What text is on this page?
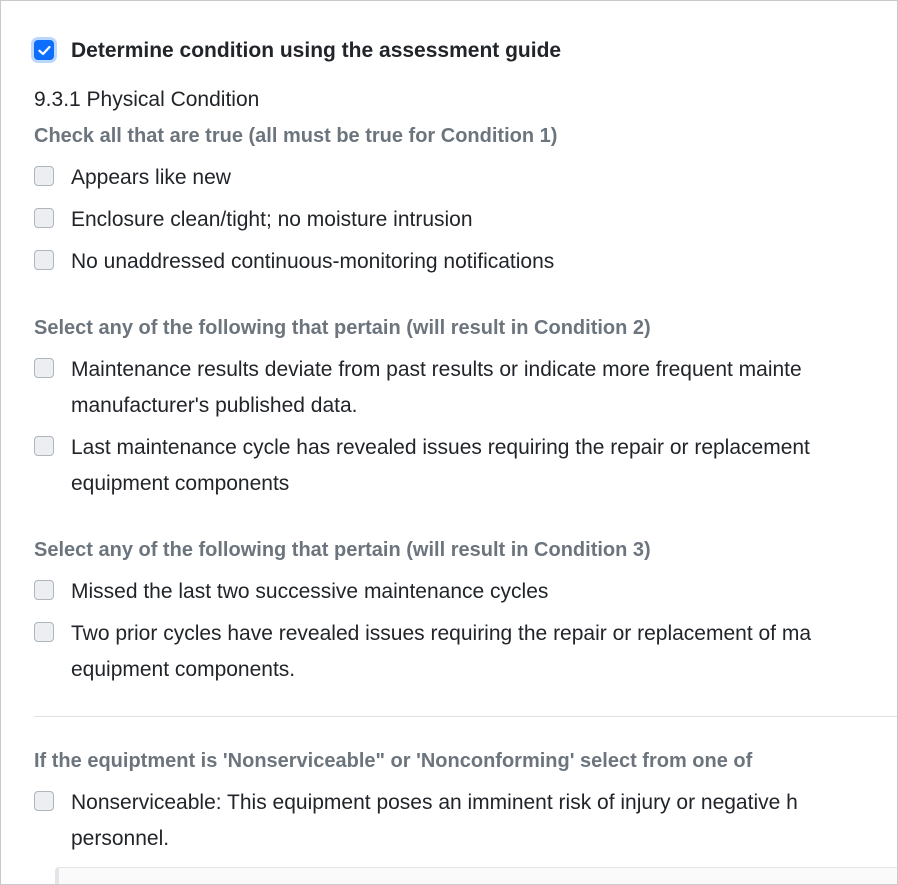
Determine condition using the assessment guide
9.3.1 Physical Condition
Check all that are true (all must be true for Condition 1)
Appears like new
Enclosure clean/tight; no moisture intrusion
No unaddressed continuous-monitoring notifications
Select any of the following that pertain (will result in Condition 2)
Maintenance results deviate from past results or indicate more frequent mainte
manufacturer's published data.
Last maintenance cycle has revealed issues requiring the repair or replacement
equipment components
Select any of the following that pertain (will result in Condition 3)
Missed the last two successive maintenance cycles
Two prior cycles have revealed issues requiring the repair or replacement of ma
equipment components.
If the equiptment is 'Nonserviceable" or 'Nonconforming' select from one of
Nonserviceable: This equipment poses an imminent risk of injury or negative h
personnel.
